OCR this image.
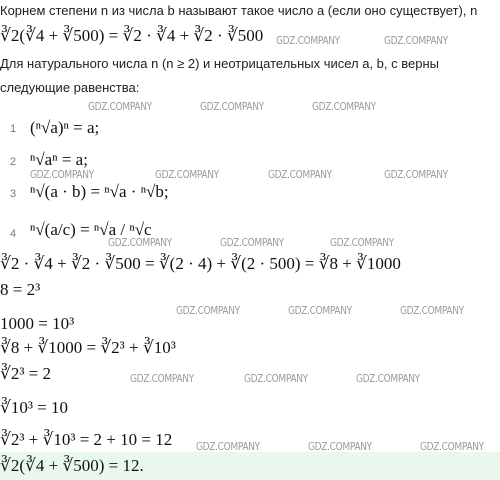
Корнем степени n из числа b называют такое число a (если оно существует), n
∛2(∛4 + ∛500) = ∛2 · ∛4 + ∛2 · ∛500
Для натурального числа n (n ≥ 2) и неотрицательных чисел a, b, c верны
следующие равенства:
1 (ⁿ√a)ⁿ = a;
2 ⁿ√aⁿ = a;
3 ⁿ√(a · b) = ⁿ√a · ⁿ√b;
4 ⁿ√(a/c) = ⁿ√a / ⁿ√c
∛2 · ∛4 + ∛2 · ∛500 = ∛(2 · 4) + ∛(2 · 500) = ∛8 + ∛1000
8 = 2³
1000 = 10³
∛8 + ∛1000 = ∛2³ + ∛10³
∛2³ = 2
∛10³ = 10
∛2³ + ∛10³ = 2 + 10 = 12
∛2(∛4 + ∛500) = 12.
GDZ.COMPANY	GDZ.COMPANY
GDZ.COMPANY	GDZ.COMPANY	GDZ.COMPANY
GDZ.COMPANY	GDZ.COMPANY	GDZ.COMPANY	GDZ.COMPANY
GDZ.COMPANY	GDZ.COMPANY	GDZ.COMPANY
GDZ.COMPANY	GDZ.COMPANY	GDZ.COMPANY
GDZ.COMPANY	GDZ.COMPANY	GDZ.COMPANY
GDZ.COMPANY	GDZ.COMPANY	GDZ.COMPANY
